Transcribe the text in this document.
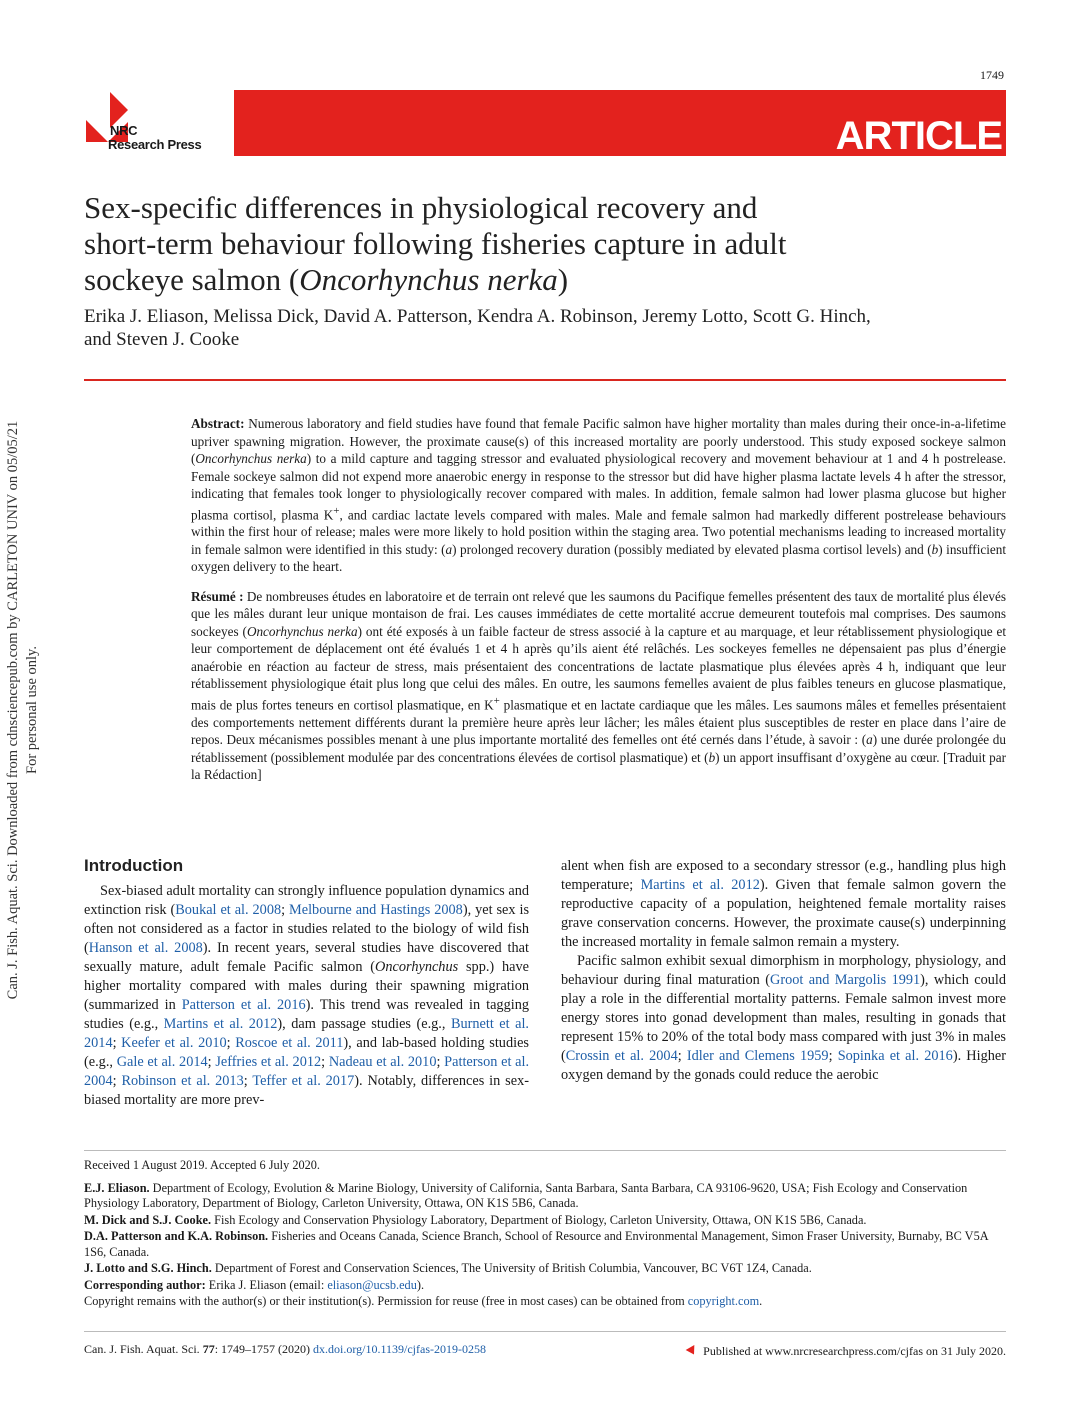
1749
NRC
Research Press	ARTICLE
Sex-specific differences in physiological recovery and
short-term behaviour following fisheries capture in adult
sockeye salmon (Oncorhynchus nerka)
Erika J. Eliason, Melissa Dick, David A. Patterson, Kendra A. Robinson, Jeremy Lotto, Scott G. Hinch,
and Steven J. Cooke
Can. J. Fish. Aquat. Sci. Downloaded from cdnsciencepub.com by CARLETON UNIV on 05/05/21 For personal use only.

Abstract: Numerous laboratory and field studies have found that female Pacific salmon have higher mortality than males during their once-in-a-lifetime upriver spawning migration. However, the proximate cause(s) of this increased mortality are poorly understood. This study exposed sockeye salmon (Oncorhynchus nerka) to a mild capture and tagging stressor and evaluated physiological recovery and movement behaviour at 1 and 4 h postrelease. Female sockeye salmon did not expend more anaerobic energy in response to the stressor but did have higher plasma lactate levels 4 h after the stressor, indicating that females took longer to physiologically recover compared with males. In addition, female salmon had lower plasma glucose but higher plasma cortisol, plasma K+, and cardiac lactate levels compared with males. Male and female salmon had markedly different postrelease behaviours within the first hour of release; males were more likely to hold position within the staging area. Two potential mechanisms leading to increased mortality in female salmon were identified in this study: (a) prolonged recovery duration (possibly mediated by elevated plasma cortisol levels) and (b) insufficient oxygen delivery to the heart.

Résumé : De nombreuses études en laboratoire et de terrain ont relevé que les saumons du Pacifique femelles présentent des taux de mortalité plus élevés que les mâles durant leur unique montaison de frai. Les causes immédiates de cette mortalité accrue demeurent toutefois mal comprises. Des saumons sockeyes (Oncorhynchus nerka) ont été exposés à un faible facteur de stress associé à la capture et au marquage, et leur rétablissement physiologique et leur comportement de déplacement ont été évalués 1 et 4 h après qu’ils aient été relâchés. Les sockeyes femelles ne dépensaient pas plus d’énergie anaérobie en réaction au facteur de stress, mais présentaient des concentrations de lactate plasmatique plus élevées après 4 h, indiquant que leur rétablissement physiologique était plus long que celui des mâles. En outre, les saumons femelles avaient de plus faibles teneurs en glucose plasmatique, mais de plus fortes teneurs en cortisol plasmatique, en K+ plasmatique et en lactate cardiaque que les mâles. Les saumons mâles et femelles présentaient des comportements nettement différents durant la première heure après leur lâcher; les mâles étaient plus susceptibles de rester en place dans l’aire de repos. Deux mécanismes possibles menant à une plus importante mortalité des femelles ont été cernés dans l’étude, à savoir : (a) une durée prolongée du rétablissement (possiblement modulée par des concentrations élevées de cortisol plasmatique) et (b) un apport insuffisant d’oxygène au cœur. [Traduit par la Rédaction]

Introduction

Sex-biased adult mortality can strongly influence population dynamics and extinction risk (Boukal et al. 2008; Melbourne and Hastings 2008), yet sex is often not considered as a factor in studies related to the biology of wild fish (Hanson et al. 2008). In recent years, several studies have discovered that sexually mature, adult female Pacific salmon (Oncorhynchus spp.) have higher mortality compared with males during their spawning migration (summarized in Patterson et al. 2016). This trend was revealed in tagging studies (e.g., Martins et al. 2012), dam passage studies (e.g., Burnett et al. 2014; Keefer et al. 2010; Roscoe et al. 2011), and lab-based holding studies (e.g., Gale et al. 2014; Jeffries et al. 2012; Nadeau et al. 2010; Patterson et al. 2004; Robinson et al. 2013; Teffer et al. 2017). Notably, differences in sex-biased mortality are more prev-

alent when fish are exposed to a secondary stressor (e.g., handling plus high temperature; Martins et al. 2012). Given that female salmon govern the reproductive capacity of a population, heightened female mortality raises grave conservation concerns. However, the proximate cause(s) underpinning the increased mortality in female salmon remain a mystery.

Pacific salmon exhibit sexual dimorphism in morphology, physiology, and behaviour during final maturation (Groot and Margolis 1991), which could play a role in the differential mortality patterns. Female salmon invest more energy stores into gonad development than males, resulting in gonads that represent 15% to 20% of the total body mass compared with just 3% in males (Crossin et al. 2004; Idler and Clemens 1959; Sopinka et al. 2016). Higher oxygen demand by the gonads could reduce the aerobic

Received 1 August 2019. Accepted 6 July 2020.
E.J. Eliason. Department of Ecology, Evolution & Marine Biology, University of California, Santa Barbara, Santa Barbara, CA 93106-9620, USA; Fish Ecology and Conservation Physiology Laboratory, Department of Biology, Carleton University, Ottawa, ON K1S 5B6, Canada.
M. Dick and S.J. Cooke. Fish Ecology and Conservation Physiology Laboratory, Department of Biology, Carleton University, Ottawa, ON K1S 5B6, Canada.
D.A. Patterson and K.A. Robinson. Fisheries and Oceans Canada, Science Branch, School of Resource and Environmental Management, Simon Fraser University, Burnaby, BC V5A 1S6, Canada.
J. Lotto and S.G. Hinch. Department of Forest and Conservation Sciences, The University of British Columbia, Vancouver, BC V6T 1Z4, Canada.
Corresponding author: Erika J. Eliason (email: eliason@ucsb.edu).
Copyright remains with the author(s) or their institution(s). Permission for reuse (free in most cases) can be obtained from copyright.com.
Can. J. Fish. Aquat. Sci. 77: 1749–1757 (2020) dx.doi.org/10.1139/cjfas-2019-0258	Published at www.nrcresearchpress.com/cjfas on 31 July 2020.
